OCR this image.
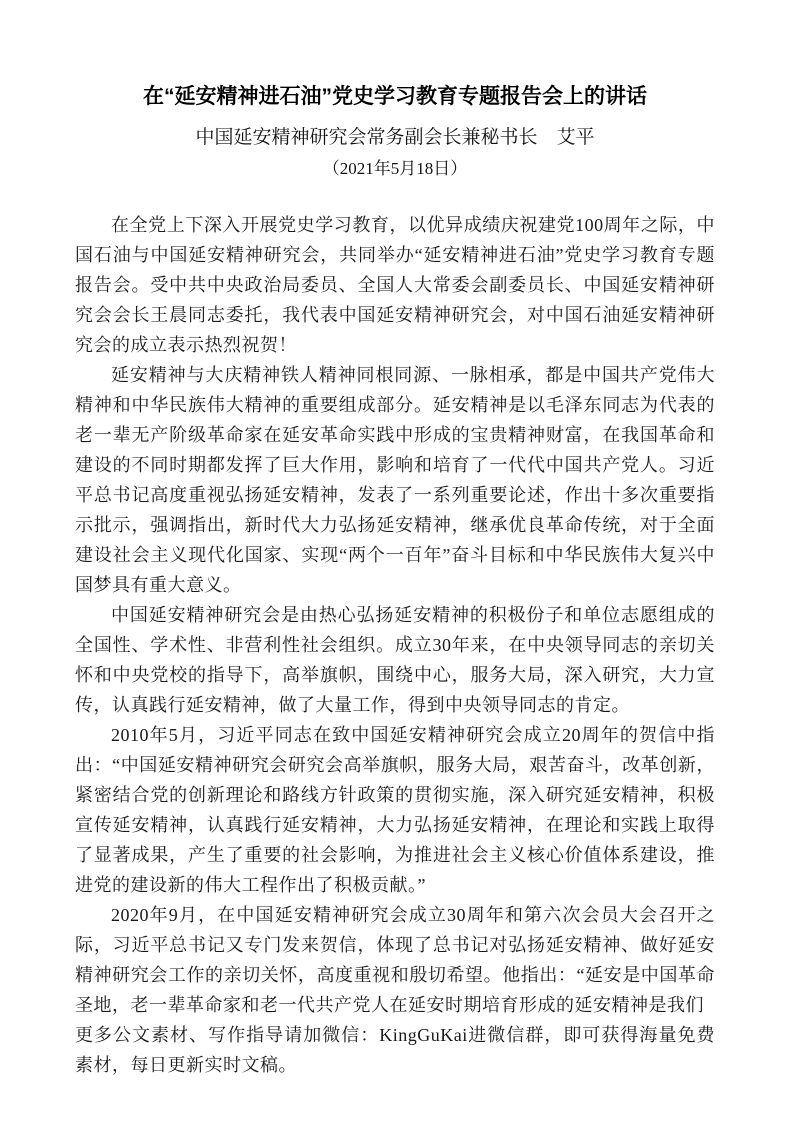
在“延安精神进石油”党史学习教育专题报告会上的讲话
中国延安精神研究会常务副会长兼秘书长　艾平
（2021年5月18日）

在全党上下深入开展党史学习教育，以优异成绩庆祝建党100周年之际，中国石油与中国延安精神研究会，共同举办“延安精神进石油”党史学习教育专题报告会。受中共中央政治局委员、全国人大常委会副委员长、中国延安精神研究会会长王晨同志委托，我代表中国延安精神研究会，对中国石油延安精神研究会的成立表示热烈祝贺！

延安精神与大庆精神铁人精神同根同源、一脉相承，都是中国共产党伟大精神和中华民族伟大精神的重要组成部分。延安精神是以毛泽东同志为代表的老一辈无产阶级革命家在延安革命实践中形成的宝贵精神财富，在我国革命和建设的不同时期都发挥了巨大作用，影响和培育了一代代中国共产党人。习近平总书记高度重视弘扬延安精神，发表了一系列重要论述，作出十多次重要指示批示，强调指出，新时代大力弘扬延安精神，继承优良革命传统，对于全面建设社会主义现代化国家、实现“两个一百年”奋斗目标和中华民族伟大复兴中国梦具有重大意义。

中国延安精神研究会是由热心弘扬延安精神的积极份子和单位志愿组成的全国性、学术性、非营利性社会组织。成立30年来，在中央领导同志的亲切关怀和中央党校的指导下，高举旗帜，围绕中心，服务大局，深入研究，大力宣传，认真践行延安精神，做了大量工作，得到中央领导同志的肯定。

2010年5月，习近平同志在致中国延安精神研究会成立20周年的贺信中指出：“中国延安精神研究会研究会高举旗帜，服务大局，艰苦奋斗，改革创新，紧密结合党的创新理论和路线方针政策的贯彻实施，深入研究延安精神，积极宣传延安精神，认真践行延安精神，大力弘扬延安精神，在理论和实践上取得了显著成果，产生了重要的社会影响，为推进社会主义核心价值体系建设，推进党的建设新的伟大工程作出了积极贡献。”

2020年9月，在中国延安精神研究会成立30周年和第六次会员大会召开之际，习近平总书记又专门发来贺信，体现了总书记对弘扬延安精神、做好延安精神研究会工作的亲切关怀，高度重视和殷切希望。他指出：“延安是中国革命圣地，老一辈革命家和老一代共产党人在延安时期培育形成的延安精神是我们

更多公文素材、写作指导请加微信：KingGuKai进微信群，即可获得海量免费素材，每日更新实时文稿。
